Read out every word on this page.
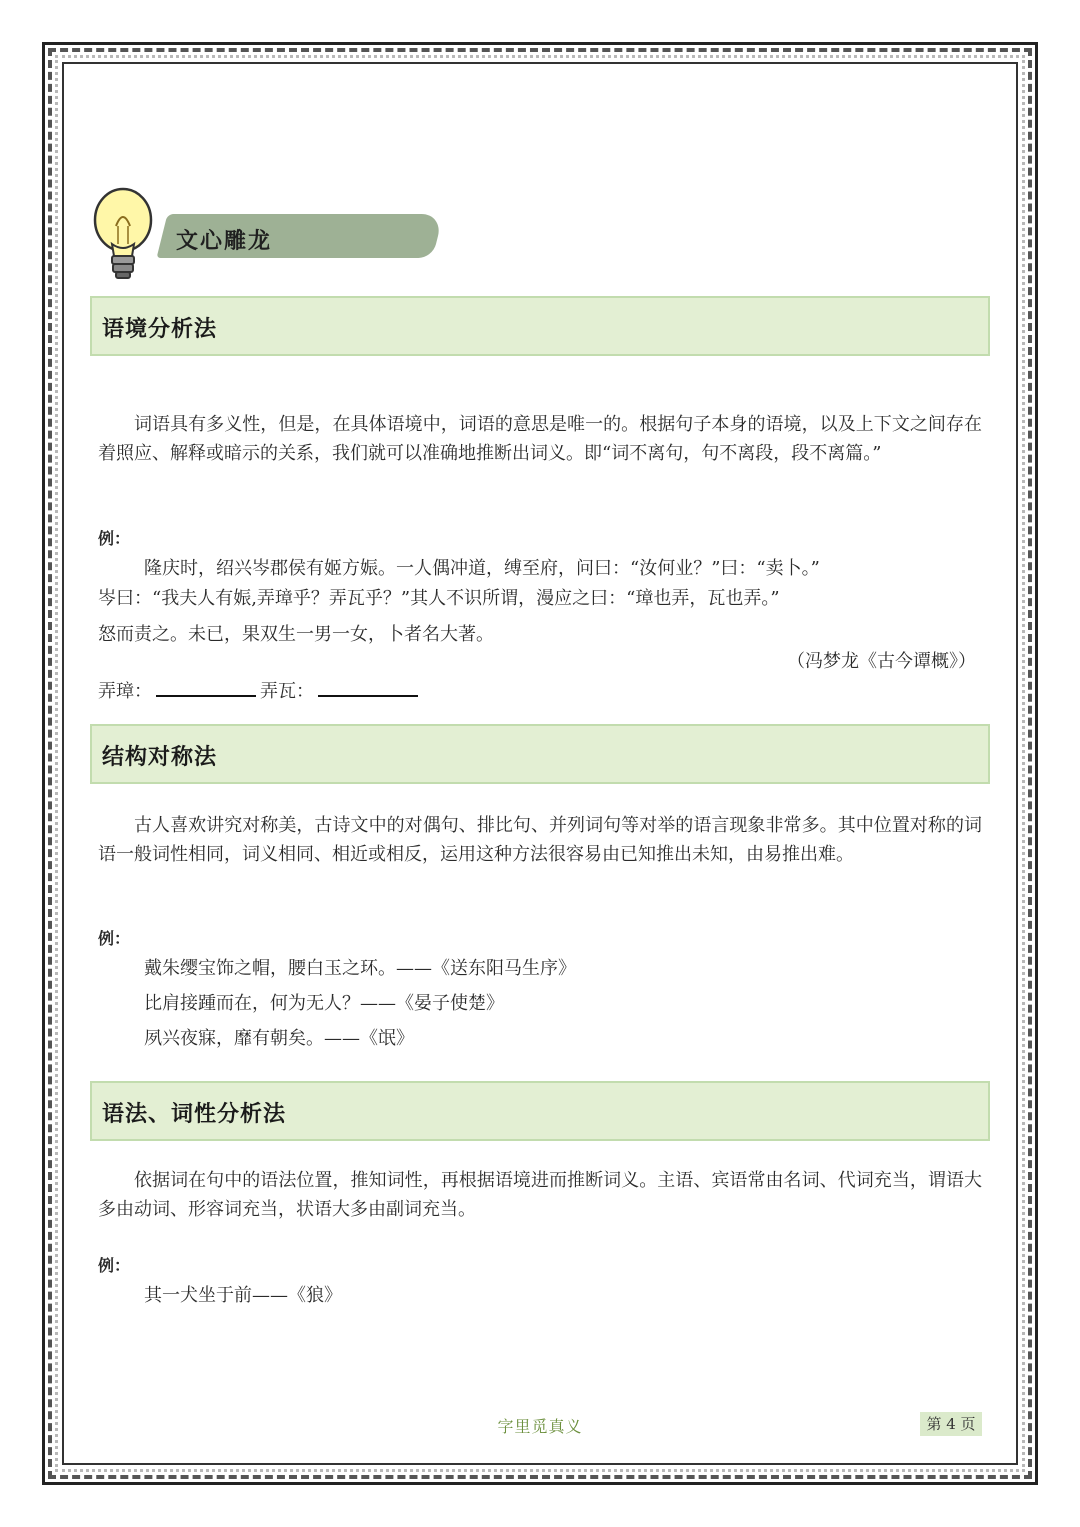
文心雕龙
语境分析法

词语具有多义性，但是，在具体语境中，词语的意思是唯一的。根据句子本身的语境，以及上下文之间存在着照应、解释或暗示的关系，我们就可以准确地推断出词义。即“词不离句，句不离段，段不离篇。”

例：
隆庆时，绍兴岑郡侯有姬方娠。一人偶冲道，缚至府，问曰：“汝何业？”曰：“卖卜。”
岑曰：“我夫人有娠,弄璋乎？弄瓦乎？”其人不识所谓，漫应之曰：“璋也弄，瓦也弄。”
怒而责之。未已，果双生一男一女，卜者名大著。
（冯梦龙《古今谭概》）
弄璋：	弄瓦：
结构对称法

古人喜欢讲究对称美，古诗文中的对偶句、排比句、并列词句等对举的语言现象非常多。其中位置对称的词语一般词性相同，词义相同、相近或相反，运用这种方法很容易由已知推出未知，由易推出难。

例：
戴朱缨宝饰之帽，腰白玉之环。——《送东阳马生序》
比肩接踵而在，何为无人？——《晏子使楚》
夙兴夜寐，靡有朝矣。——《氓》
语法、词性分析法

依据词在句中的语法位置，推知词性，再根据语境进而推断词义。主语、宾语常由名词、代词充当，谓语大多由动词、形容词充当，状语大多由副词充当。

例：
其一犬坐于前——《狼》
字里觅真义	第 4 页
